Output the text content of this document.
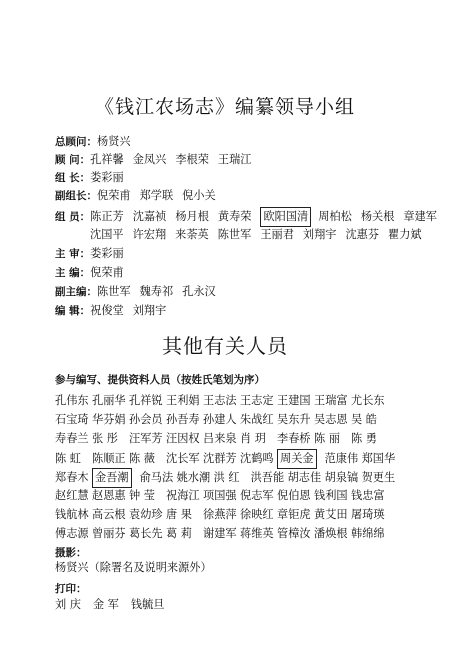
《钱江农场志》编纂领导小组
总顾问：杨贤兴
顾 问：孔祥馨 金凤兴 李根荣 王瑞江
组 长：娄彩丽
副组长：倪荣甫 郑学联 倪小关
组 员：陈正芳 沈嘉祯 杨月根 黄寿荣 欧阳国清 周柏松 杨关根 章建军
沈国平 许宏翔 来荼英 陈世军 王丽君 刘翔宇 沈惠芬 瞿力斌
主 审：娄彩丽
主 编：倪荣甫
副主编：陈世军 魏寿祁 孔永汉
编 辑：祝俊堂 刘翔宇
其他有关人员
参与编写、提供资料人员（按姓氏笔划为序）
孔伟东 孔丽华 孔祥锐 王利娟 王志法 王志定 王建国 王瑞富 尤长东
石宝琦 华芬娟 孙会员 孙吾寿 孙建人 朱战红 吴东升 吴志恩 吴 皓
寿春兰 张 彤 汪军芳 汪因权 吕来泉 肖 玥 李春桥 陈 丽 陈 勇
陈 虹 陈顺正 陈 薇 沈长军 沈群芳 沈鹤鸣 周关金 范康伟 郑国华
郑春木 金吾潮 俞马法 姚水潮 洪 红 洪吾能 胡志佳 胡泉镐 贺更生
赵红慧 赵恩惠 钟 莹 祝海江 项国强 倪志军 倪伯恩 钱利国 钱忠富
钱航林 高云根 袁幼珍 唐 果 徐燕萍 徐映红 章钜虎 黄艾田 屠琦瑛
傅志源 曾丽芬 葛长先 葛 莉 谢建军 蒋维英 管樟汝 潘焕根 韩绵绵
摄影：
杨贤兴（除署名及说明来源外）
打印：
刘 庆 金 军 钱毓旦
